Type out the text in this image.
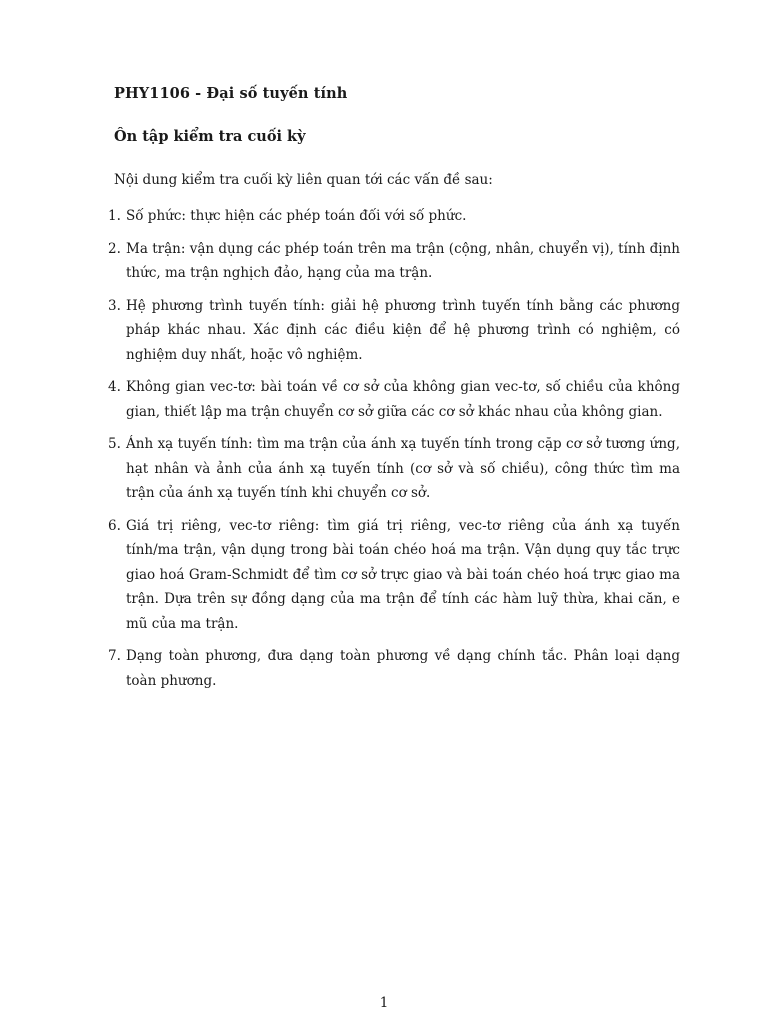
PHY1106 - Đại số tuyến tính
Ôn tập kiểm tra cuối kỳ
Nội dung kiểm tra cuối kỳ liên quan tới các vấn đề sau:
1. Số phức: thực hiện các phép toán đối với số phức.
2. Ma trận: vận dụng các phép toán trên ma trận (cộng, nhân, chuyển vị), tính định thức, ma trận nghịch đảo, hạng của ma trận.
3. Hệ phương trình tuyến tính: giải hệ phương trình tuyến tính bằng các phương pháp khác nhau. Xác định các điều kiện để hệ phương trình có nghiệm, có nghiệm duy nhất, hoặc vô nghiệm.
4. Không gian vec-tơ: bài toán về cơ sở của không gian vec-tơ, số chiều của không gian, thiết lập ma trận chuyển cơ sở giữa các cơ sở khác nhau của không gian.
5. Ánh xạ tuyến tính: tìm ma trận của ánh xạ tuyến tính trong cặp cơ sở tương ứng, hạt nhân và ảnh của ánh xạ tuyến tính (cơ sở và số chiều), công thức tìm ma trận của ánh xạ tuyến tính khi chuyển cơ sở.
6. Giá trị riêng, vec-tơ riêng: tìm giá trị riêng, vec-tơ riêng của ánh xạ tuyến tính/ma trận, vận dụng trong bài toán chéo hoá ma trận. Vận dụng quy tắc trực giao hoá Gram-Schmidt để tìm cơ sở trực giao và bài toán chéo hoá trực giao ma trận. Dựa trên sự đồng dạng của ma trận để tính các hàm luỹ thừa, khai căn, e mũ của ma trận.
7. Dạng toàn phương, đưa dạng toàn phương về dạng chính tắc. Phân loại dạng toàn phương.
1
